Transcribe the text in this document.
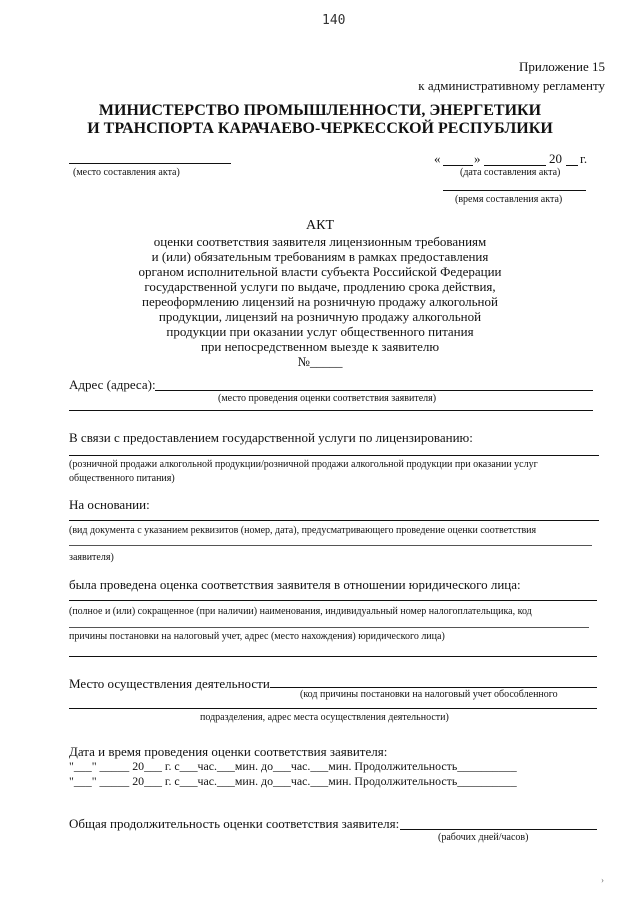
140
Приложение 15
к административному регламенту
МИНИСТЕРСТВО ПРОМЫШЛЕННОСТИ, ЭНЕРГЕТИКИ
И ТРАНСПОРТА КАРАЧАЕВО-ЧЕРКЕССКОЙ РЕСПУБЛИКИ
(место составления акта)
«	»	20 г.
(дата составления акта)
(время составления акта)
АКТ
оценки соответствия заявителя лицензионным требованиям
и (или) обязательным требованиям в рамках предоставления
органом исполнительной власти субъекта Российской Федерации
государственной услуги по выдаче, продлению срока действия,
переоформлению лицензий на розничную продажу алкогольной
продукции, лицензий на розничную продажу алкогольной
продукции при оказании услуг общественного питания
при непосредственном выезде к заявителю
№_____
Адрес (адреса):
(место проведения оценки соответствия заявителя)
В связи с предоставлением государственной услуги по лицензированию:
(розничной продажи алкогольной продукции/розничной продажи алкогольной продукции при оказании услуг
общественного питания)
На основании:
(вид документа с указанием реквизитов (номер, дата), предусматривающего проведение оценки соответствия
заявителя)
была проведена оценка соответствия заявителя в отношении юридического лица:
(полное и (или) сокращенное (при наличии) наименования, индивидуальный номер налогоплательщика, код
причины постановки на налоговый учет, адрес (место нахождения) юридического лица)
Место осуществления деятельности
(код причины постановки на налоговый учет обособленного
подразделения, адрес места осуществления деятельности)
Дата и время проведения оценки соответствия заявителя:
"___" _____ 20___ г. с___час.___мин. до___час.___мин. Продолжительность__________
"___" _____ 20___ г. с___час.___мин. до___час.___мин. Продолжительность__________
Общая продолжительность оценки соответствия заявителя:
(рабочих дней/часов)
›
